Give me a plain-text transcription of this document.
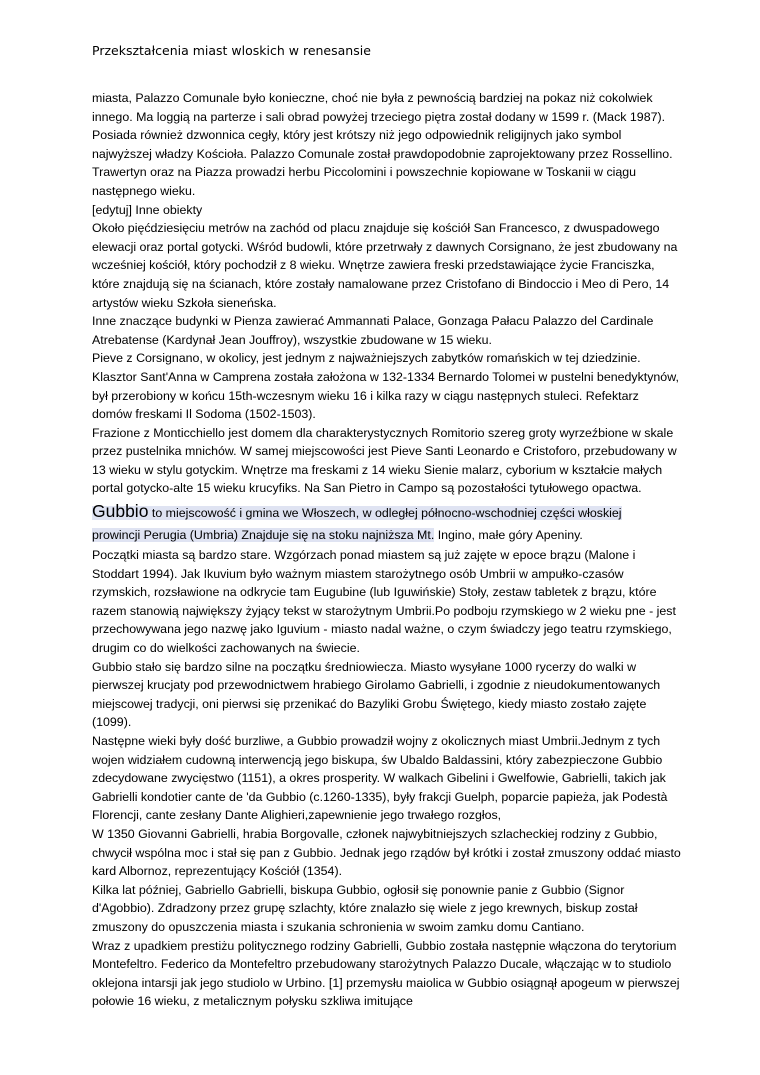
Przekształcenia miast wloskich w renesansie

miasta, Palazzo Comunale było konieczne, choć nie była z pewnością bardziej na pokaz niż cokolwiek innego. Ma loggią na parterze i sali obrad powyżej trzeciego piętra został dodany w 1599 r. (Mack 1987). Posiada również dzwonnica cegły, który jest krótszy niż jego odpowiednik religijnych jako symbol najwyższej władzy Kościoła. Palazzo Comunale został prawdopodobnie zaprojektowany przez Rossellino.

Trawertyn oraz na Piazza prowadzi herbu Piccolomini i powszechnie kopiowane w Toskanii w ciągu następnego wieku.

[edytuj] Inne obiekty

Około pięćdziesięciu metrów na zachód od placu znajduje się kościół San Francesco, z dwuspadowego elewacji oraz portal gotycki. Wśród budowli, które przetrwały z dawnych Corsignano, że jest zbudowany na wcześniej kościół, który pochodził z 8 wieku. Wnętrze zawiera freski przedstawiające życie Franciszka, które znajdują się na ścianach, które zostały namalowane przez Cristofano di Bindoccio i Meo di Pero, 14 artystów wieku Szkoła sieneńska.

Inne znaczące budynki w Pienza zawierać Ammannati Palace, Gonzaga Pałacu Palazzo del Cardinale Atrebatense (Kardynał Jean Jouffroy), wszystkie zbudowane w 15 wieku.

Pieve z Corsignano, w okolicy, jest jednym z najważniejszych zabytków romańskich w tej dziedzinie. Klasztor Sant'Anna w Camprena została założona w 132-1334 Bernardo Tolomei w pustelni benedyktynów, był przerobiony w końcu 15th-wczesnym wieku 16 i kilka razy w ciągu następnych stuleci. Refektarz domów freskami Il Sodoma (1502-1503).

Frazione z Monticchiello jest domem dla charakterystycznych Romitorio szereg groty wyrzeźbione w skale przez pustelnika mnichów. W samej miejscowości jest Pieve Santi Leonardo e Cristoforo, przebudowany w 13 wieku w stylu gotyckim. Wnętrze ma freskami z 14 wieku Sienie malarz, cyborium w kształcie małych portal gotycko-alte 15 wieku krucyfiks. Na San Pietro in Campo są pozostałości tytułowego opactwa.

Gubbio to miejscowość i gmina we Włoszech, w odległej północno-wschodniej części włoskiej
prowincji Perugia (Umbria) Znajduje się na stoku najniższa Mt. Ingino, małe góry Apeniny.

Początki miasta są bardzo stare. Wzgórzach ponad miastem są już zajęte w epoce brązu (Malone i Stoddart 1994). Jak Ikuvium było ważnym miastem starożytnego osób Umbrii w ampułko-czasów rzymskich, rozsławione na odkrycie tam Eugubine (lub Iguwińskie) Stoły, zestaw tabletek z brązu, które razem stanowią największy żyjący tekst w starożytnym Umbrii.Po podboju rzymskiego w 2 wieku pne - jest przechowywana jego nazwę jako Iguvium - miasto nadal ważne, o czym świadczy jego teatru rzymskiego, drugim co do wielkości zachowanych na świecie.

Gubbio stało się bardzo silne na początku średniowiecza. Miasto wysyłane 1000 rycerzy do walki w pierwszej krucjaty pod przewodnictwem hrabiego Girolamo Gabrielli, i zgodnie z nieudokumentowanych miejscowej tradycji, oni pierwsi się przenikać do Bazyliki Grobu Świętego, kiedy miasto zostało zajęte (1099).

Następne wieki były dość burzliwe, a Gubbio prowadził wojny z okolicznych miast Umbrii.Jednym z tych wojen widziałem cudowną interwencją jego biskupa, św Ubaldo Baldassini, który zabezpieczone Gubbio zdecydowane zwycięstwo (1151), a okres prosperity. W walkach Gibelini i Gwelfowie, Gabrielli, takich jak Gabrielli kondotier cante de 'da Gubbio (c.1260-1335), były frakcji Guelph, poparcie papieża, jak Podestà Florencji, cante zesłany Dante Alighieri,zapewnienie jego trwałego rozgłos,

W 1350 Giovanni Gabrielli, hrabia Borgovalle, członek najwybitniejszych szlacheckiej rodziny z Gubbio, chwycił wspólna moc i stał się pan z Gubbio. Jednak jego rządów był krótki i został zmuszony oddać miasto kard Albornoz, reprezentujący Kościół (1354).

Kilka lat później, Gabriello Gabrielli, biskupa Gubbio, ogłosił się ponownie panie z Gubbio (Signor d'Agobbio). Zdradzony przez grupę szlachty, które znalazło się wiele z jego krewnych, biskup został zmuszony do opuszczenia miasta i szukania schronienia w swoim zamku domu Cantiano.

Wraz z upadkiem prestiżu politycznego rodziny Gabrielli, Gubbio została następnie włączona do terytorium Montefeltro. Federico da Montefeltro przebudowany starożytnych Palazzo Ducale, włączając w to studiolo oklejona intarsji jak jego studiolo w Urbino. [1] przemysłu maiolica w Gubbio osiągnął apogeum w pierwszej połowie 16 wieku, z metalicznym połysku szkliwa imitujące
